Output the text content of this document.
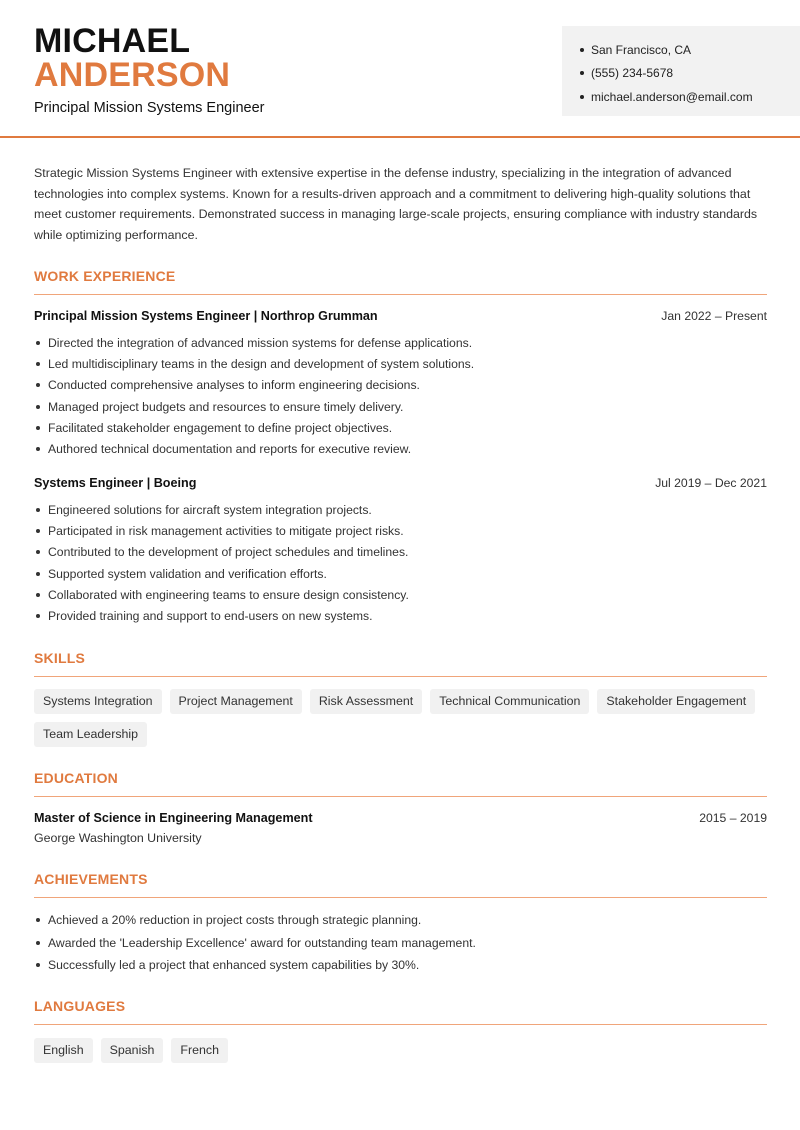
MICHAEL
ANDERSON
Principal Mission Systems Engineer
San Francisco, CA
(555) 234-5678
michael.anderson@email.com

Strategic Mission Systems Engineer with extensive expertise in the defense industry, specializing in the integration of advanced technologies into complex systems. Known for a results-driven approach and a commitment to delivering high-quality solutions that meet customer requirements. Demonstrated success in managing large-scale projects, ensuring compliance with industry standards while optimizing performance.

WORK EXPERIENCE
Principal Mission Systems Engineer | Northrop Grumman	Jan 2022 – Present
Directed the integration of advanced mission systems for defense applications.
Led multidisciplinary teams in the design and development of system solutions.
Conducted comprehensive analyses to inform engineering decisions.
Managed project budgets and resources to ensure timely delivery.
Facilitated stakeholder engagement to define project objectives.
Authored technical documentation and reports for executive review.
Systems Engineer | Boeing	Jul 2019 – Dec 2021
Engineered solutions for aircraft system integration projects.
Participated in risk management activities to mitigate project risks.
Contributed to the development of project schedules and timelines.
Supported system validation and verification efforts.
Collaborated with engineering teams to ensure design consistency.
Provided training and support to end-users on new systems.
SKILLS
Systems Integration	Project Management	Risk Assessment	Technical Communication	Stakeholder Engagement
Team Leadership
EDUCATION
Master of Science in Engineering Management	2015 – 2019
George Washington University
ACHIEVEMENTS
Achieved a 20% reduction in project costs through strategic planning.
Awarded the 'Leadership Excellence' award for outstanding team management.
Successfully led a project that enhanced system capabilities by 30%.
LANGUAGES
English	Spanish	French
